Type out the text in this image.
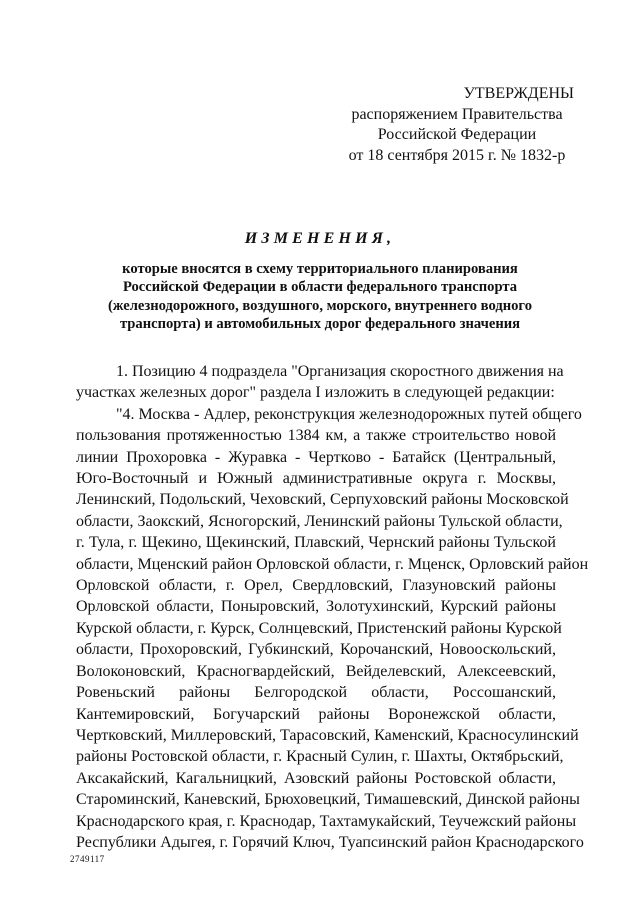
УТВЕРЖДЕНЫ
распоряжением Правительства
Российской Федерации
от 18 сентября 2015 г. № 1832-р
ИЗМЕНЕНИЯ,
которые вносятся в схему территориального планирования
Российской Федерации в области федерального транспорта
(железнодорожного, воздушного, морского, внутреннего водного
транспорта) и автомобильных дорог федерального значения
1. Позицию 4 подраздела "Организация скоростного движения на
участках железных дорог" раздела I изложить в следующей редакции:
"4. Москва - Адлер, реконструкция железнодорожных путей общего
пользования протяженностью 1384 км, а также строительство новой
линии Прохоровка - Журавка - Чертково - Батайск (Центральный,
Юго-Восточный и Южный административные округа г. Москвы,
Ленинский, Подольский, Чеховский, Серпуховский районы Московской
области, Заокский, Ясногорский, Ленинский районы Тульской области,
г. Тула, г. Щекино, Щекинский, Плавский, Чернский районы Тульской
области, Мценский район Орловской области, г. Мценск, Орловский район
Орловской области, г. Орел, Свердловский, Глазуновский районы
Орловской области, Поныровский, Золотухинский, Курский районы
Курской области, г. Курск, Солнцевский, Пристенский районы Курской
области, Прохоровский, Губкинский, Корочанский, Новооскольский,
Волоконовский, Красногвардейский, Вейделевский, Алексеевский,
Ровеньский районы Белгородской области, Россошанский,
Кантемировский, Богучарский районы Воронежской области,
Чертковский, Миллеровский, Тарасовский, Каменский, Красносулинский
районы Ростовской области, г. Красный Сулин, г. Шахты, Октябрьский,
Аксакайский, Кагальницкий, Азовский районы Ростовской области,
Староминский, Каневский, Брюховецкий, Тимашевский, Динской районы
Краснодарского края, г. Краснодар, Тахтамукайский, Теучежский районы
Республики Адыгея, г. Горячий Ключ, Туапсинский район Краснодарского
2749117
